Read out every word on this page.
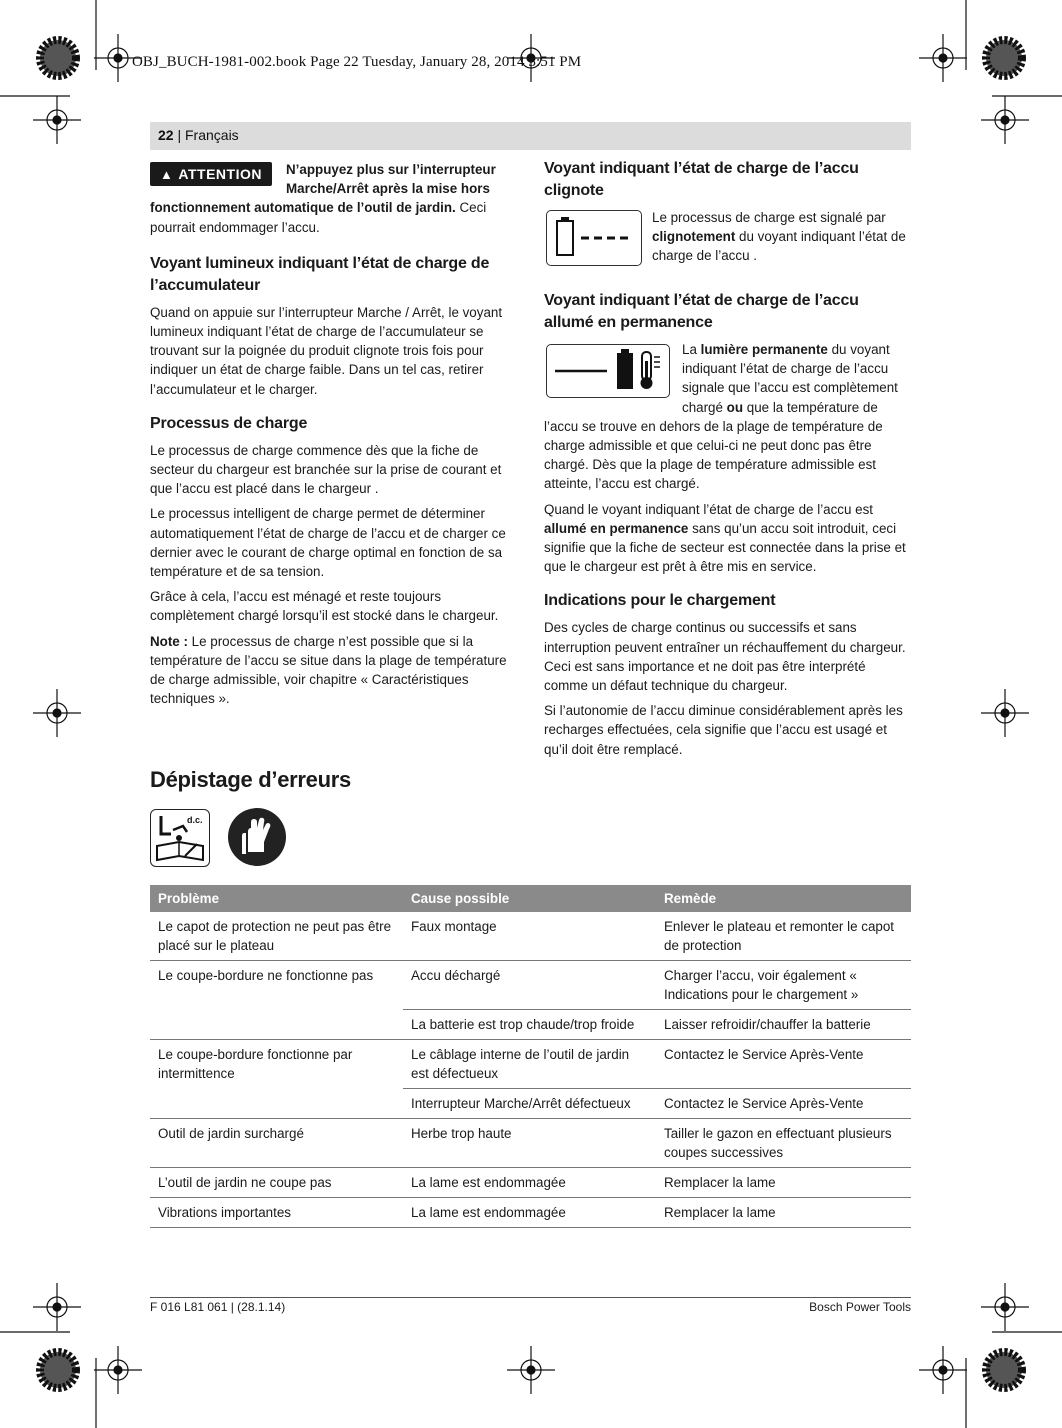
OBJ_BUCH-1981-002.book Page 22 Tuesday, January 28, 2014 3:51 PM
22 | Français

▲ ATTENTION	N’appuyez plus sur l’interrupteur Marche/Arrêt après la mise hors fonctionnement automatique de l’outil de jardin. Ceci pourrait endommager l’accu.

Voyant lumineux indiquant l’état de charge de l’accumulateur

Quand on appuie sur l’interrupteur Marche / Arrêt, le voyant lumineux indiquant l’état de charge de l’accumulateur se trouvant sur la poignée du produit clignote trois fois pour indiquer un état de charge faible. Dans un tel cas, retirer l’accumulateur et le charger.

Processus de charge

Le processus de charge commence dès que la fiche de secteur du chargeur est branchée sur la prise de courant et que l’accu est placé dans le chargeur .

Le processus intelligent de charge permet de déterminer automatiquement l’état de charge de l’accu et de charger ce dernier avec le courant de charge optimal en fonction de sa température et de sa tension.

Grâce à cela, l’accu est ménagé et reste toujours complètement chargé lorsqu’il est stocké dans le chargeur.

Note : Le processus de charge n’est possible que si la température de l’accu se situe dans la plage de température de charge admissible, voir chapitre « Caractéristiques techniques ».

Voyant indiquant l’état de charge de l’accu clignote

Le processus de charge est signalé par clignotement du voyant indiquant l’état de charge de l’accu .

Voyant indiquant l’état de charge de l’accu allumé en permanence

La lumière permanente du voyant indiquant l’état de charge de l’accu signale que l’accu est complètement chargé ou que la température de l’accu se trouve en dehors de la plage de température de charge admissible et que celui-ci ne peut donc pas être chargé. Dès que la plage de température admissible est atteinte, l’accu est chargé.

Quand le voyant indiquant l’état de charge de l’accu est allumé en permanence sans qu’un accu soit introduit, ceci signifie que la fiche de secteur est connectée dans la prise et que le chargeur est prêt à être mis en service.

Indications pour le chargement

Des cycles de charge continus ou successifs et sans interruption peuvent entraîner un réchauffement du chargeur. Ceci est sans importance et ne doit pas être interprété comme un défaut technique du chargeur.

Si l’autonomie de l’accu diminue considérablement après les recharges effectuées, cela signifie que l’accu est usagé et qu’il doit être remplacé.

Dépistage d’erreurs
d.c.
Problème	Cause possible	Remède
Le capot de protection ne peut pas être placé sur le plateau	Faux montage	Enlever le plateau et remonter le capot de protection
Le coupe-bordure ne fonctionne pas	Accu déchargé	Charger l’accu, voir également « Indications pour le chargement »
	La batterie est trop chaude/trop froide	Laisser refroidir/chauffer la batterie
Le coupe-bordure fonctionne par intermittence	Le câblage interne de l’outil de jardin est défectueux	Contactez le Service Après-Vente
	Interrupteur Marche/Arrêt défectueux	Contactez le Service Après-Vente
Outil de jardin surchargé	Herbe trop haute	Tailler le gazon en effectuant plusieurs coupes successives
L’outil de jardin ne coupe pas	La lame est endommagée	Remplacer la lame
Vibrations importantes	La lame est endommagée	Remplacer la lame
F 016 L81 061 | (28.1.14)	Bosch Power Tools
